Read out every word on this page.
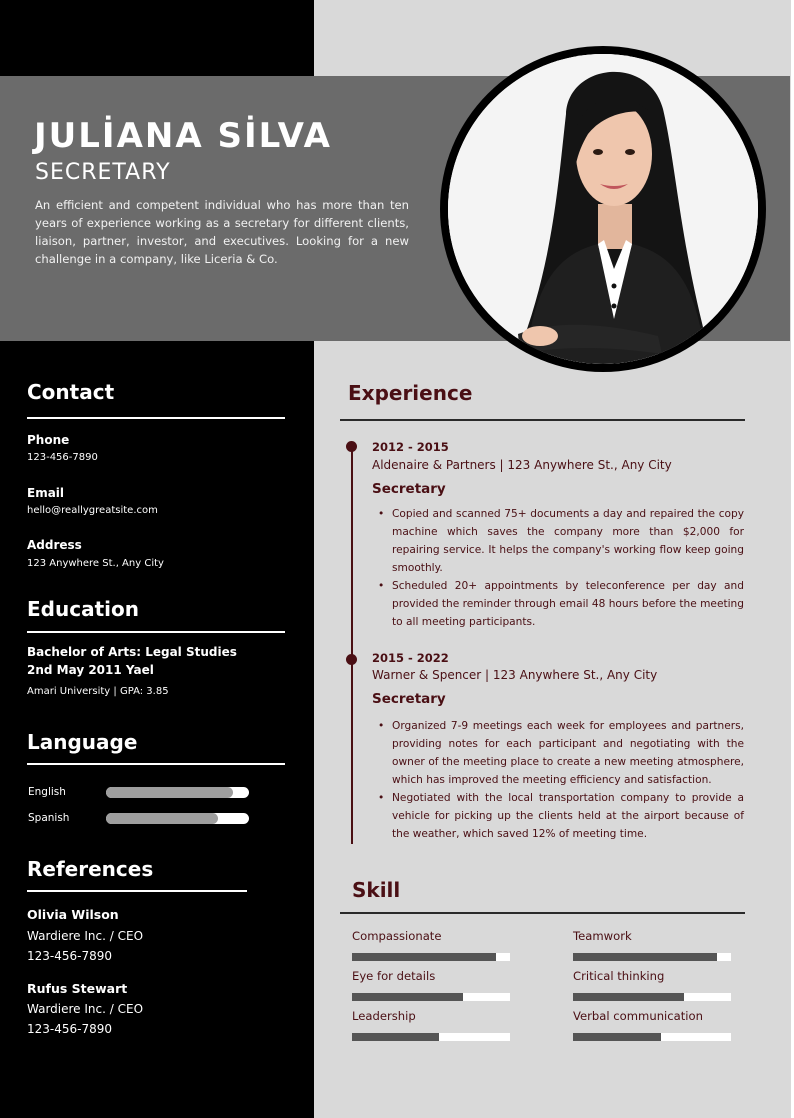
JULİANA SİLVA
SECRETARY
An efficient and competent individual who has more than ten years of experience working as a secretary for different clients, liaison, partner, investor, and executives. Looking for a new challenge in a company, like Liceria & Co.
Contact
Phone
123-456-7890
Email
hello@reallygreatsite.com
Address
123 Anywhere St., Any City
Education
Bachelor of Arts: Legal Studies
2nd May 2011 Yael
Amari University | GPA: 3.85
Language
English
Spanish
References
Olivia Wilson
Wardiere Inc. / CEO
123-456-7890
Rufus Stewart
Wardiere Inc. / CEO
123-456-7890
Experience
2012 - 2015
Aldenaire & Partners | 123 Anywhere St., Any City
Secretary
• Copied and scanned 75+ documents a day and repaired the copy machine which saves the company more than $2,000 for repairing service. It helps the company's working flow keep going smoothly.
• Scheduled 20+ appointments by teleconference per day and provided the reminder through email 48 hours before the meeting to all meeting participants.
2015 - 2022
Warner & Spencer | 123 Anywhere St., Any City
Secretary
• Organized 7-9 meetings each week for employees and partners, providing notes for each participant and negotiating with the owner of the meeting place to create a new meeting atmosphere, which has improved the meeting efficiency and satisfaction.
• Negotiated with the local transportation company to provide a vehicle for picking up the clients held at the airport because of the weather, which saved 12% of meeting time.
Skill
Compassionate	Teamwork
Eye for details	Critical thinking
Leadership	Verbal communication
